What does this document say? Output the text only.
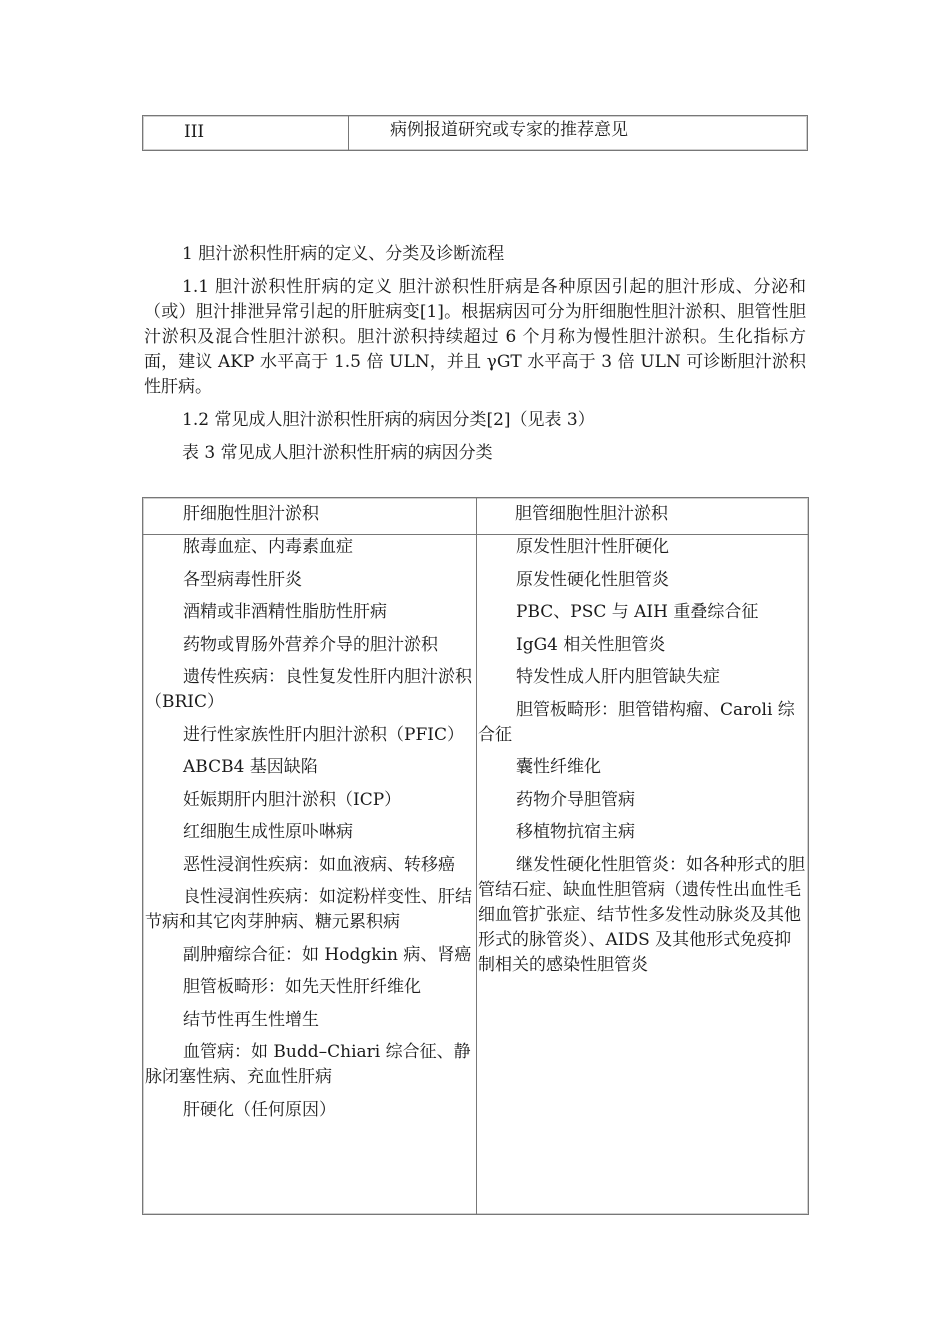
III	病例报道研究或专家的推荐意见

1 胆汁淤积性肝病的定义、分类及诊断流程

1.1 胆汁淤积性肝病的定义 胆汁淤积性肝病是各种原因引起的胆汁形成、分泌和（或）胆汁排泄异常引起的肝脏病变[1]。根据病因可分为肝细胞性胆汁淤积、胆管性胆汁淤积及混合性胆汁淤积。胆汁淤积持续超过 6 个月称为慢性胆汁淤积。生化指标方面，建议 AKP 水平高于 1.5 倍 ULN，并且 γGT 水平高于 3 倍 ULN 可诊断胆汁淤积性肝病。

1.2 常见成人胆汁淤积性肝病的病因分类[2]（见表 3）

表 3 常见成人胆汁淤积性肝病的病因分类

肝细胞性胆汁淤积	胆管细胞性胆汁淤积
脓毒血症、内毒素血症
各型病毒性肝炎
酒精或非酒精性脂肪性肝病
药物或胃肠外营养介导的胆汁淤积
遗传性疾病：良性复发性肝内胆汁淤积（BRIC）
进行性家族性肝内胆汁淤积（PFIC）
ABCB4 基因缺陷
妊娠期肝内胆汁淤积（ICP）
红细胞生成性原卟啉病
恶性浸润性疾病：如血液病、转移癌
良性浸润性疾病：如淀粉样变性、肝结节病和其它肉芽肿病、糖元累积病
副肿瘤综合征：如 Hodgkin 病、肾癌
胆管板畸形：如先天性肝纤维化
结节性再生性增生
血管病：如 Budd–Chiari 综合征、静脉闭塞性病、充血性肝病
肝硬化（任何原因）
原发性胆汁性肝硬化
原发性硬化性胆管炎
PBC、PSC 与 AIH 重叠综合征
IgG4 相关性胆管炎
特发性成人肝内胆管缺失症
胆管板畸形：胆管错构瘤、Caroli 综合征
囊性纤维化
药物介导胆管病
移植物抗宿主病
继发性硬化性胆管炎：如各种形式的胆管结石症、缺血性胆管病（遗传性出血性毛细血管扩张症、结节性多发性动脉炎及其他形式的脉管炎）、AIDS 及其他形式免疫抑制相关的感染性胆管炎
